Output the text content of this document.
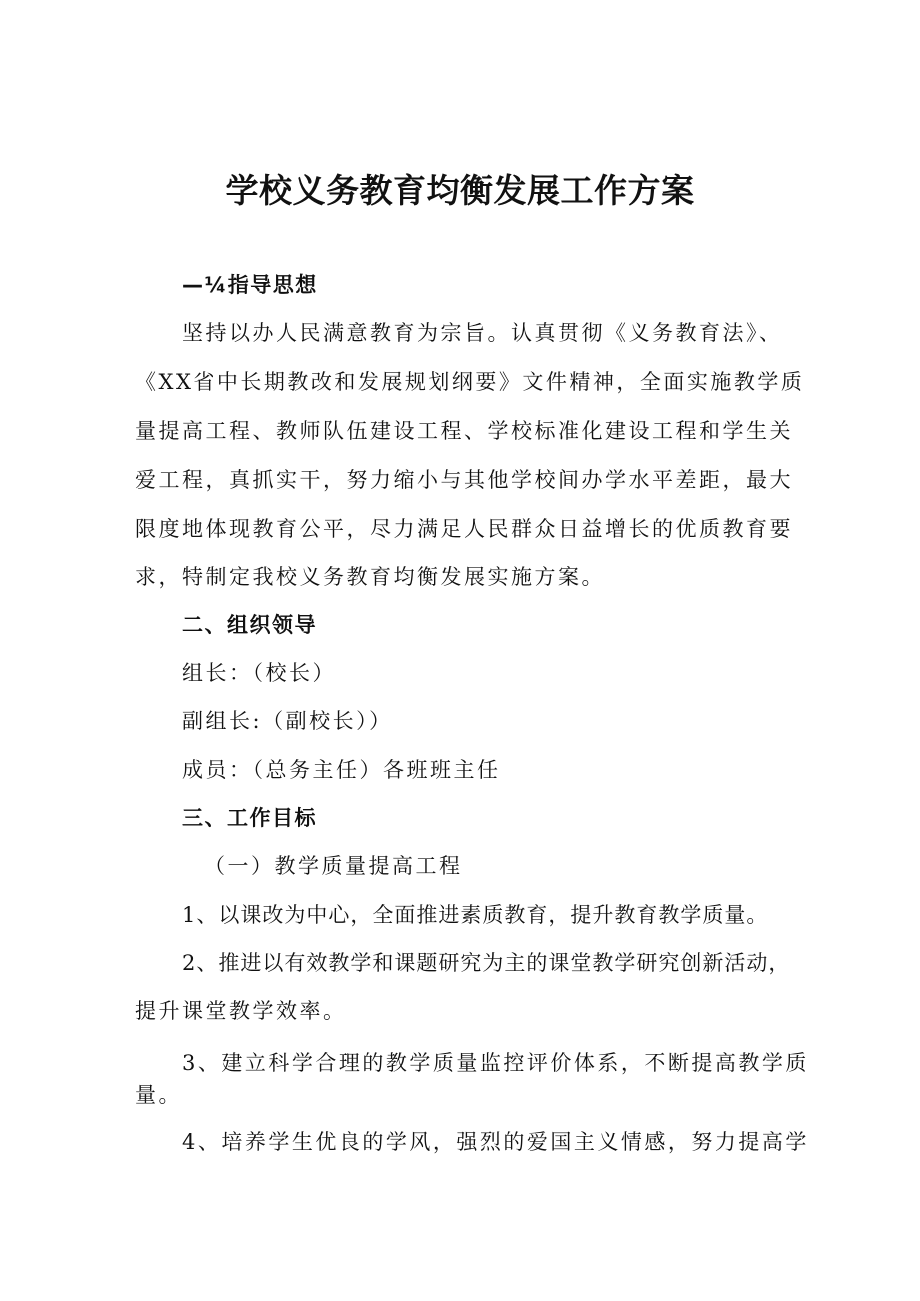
学校义务教育均衡发展工作方案

—¼指导思想

坚持以办人民满意教育为宗旨。认真贯彻《义务教育法》、

《XX省中长期教改和发展规划纲要》文件精神，全面实施教学质

量提高工程、教师队伍建设工程、学校标准化建设工程和学生关

爱工程，真抓实干，努力缩小与其他学校间办学水平差距，最大

限度地体现教育公平，尽力满足人民群众日益增长的优质教育要

求，特制定我校义务教育均衡发展实施方案。

二、组织领导

组长：（校长）

副组长:（副校长））

成员：（总务主任）各班班主任

三、工作目标

（一）教学质量提高工程

1、以课改为中心，全面推进素质教育，提升教育教学质量。

2、推进以有效教学和课题研究为主的课堂教学研究创新活动，

提升课堂教学效率。

3、建立科学合理的教学质量监控评价体系，不断提高教学质

量。

4、培养学生优良的学风，强烈的爱国主义情感，努力提高学
